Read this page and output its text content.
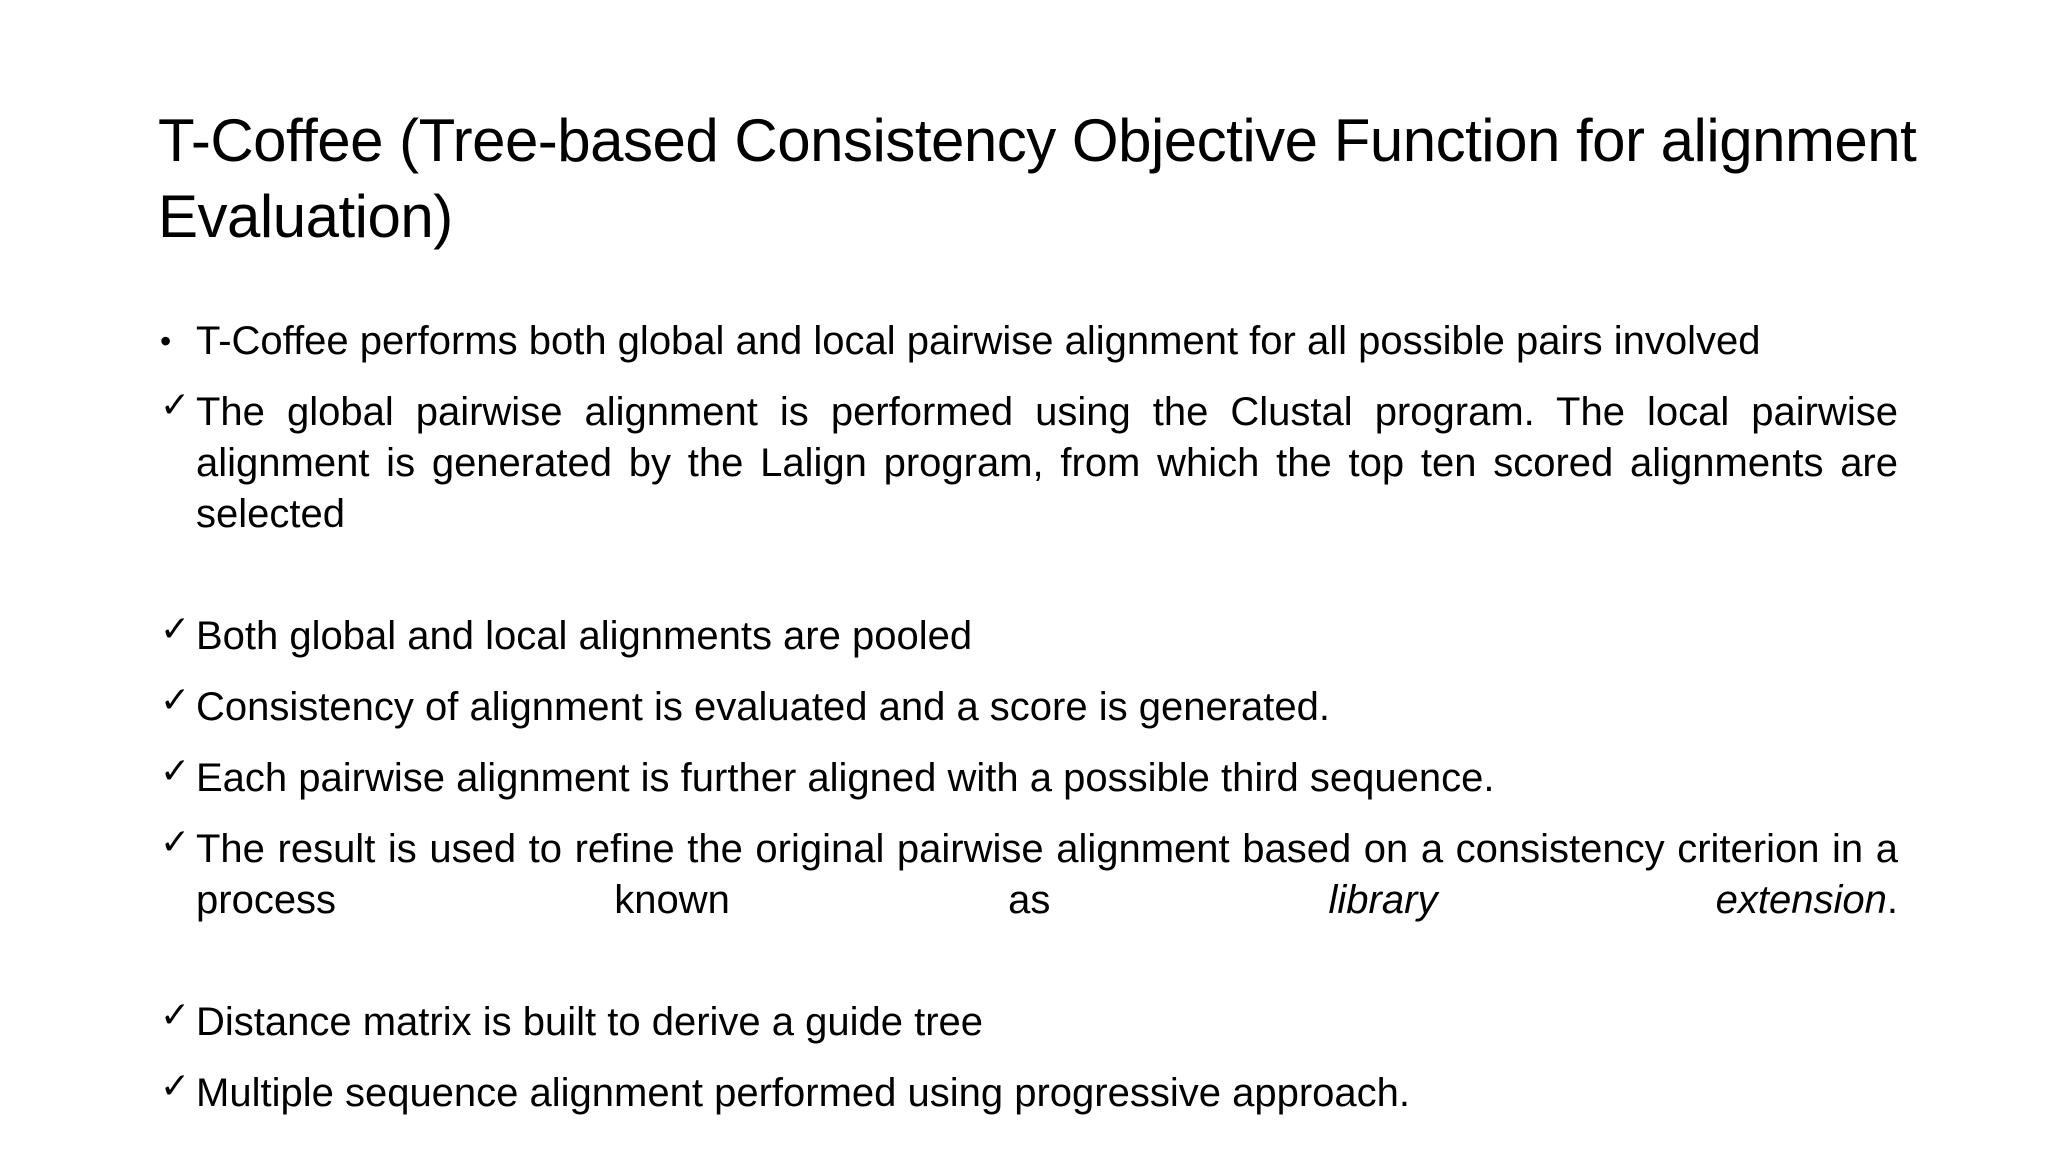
T-Coffee (Tree-based Consistency Objective Function for alignment Evaluation)
• T-Coffee performs both global and local pairwise alignment for all possible pairs involved
✓ The global pairwise alignment is performed using the Clustal program. The local pairwise alignment is generated by the Lalign program, from which the top ten scored alignments are selected
✓ Both global and local alignments are pooled
✓ Consistency of alignment is evaluated and a score is generated.
✓ Each pairwise alignment is further aligned with a possible third sequence.
✓ The result is used to refine the original pairwise alignment based on a consistency criterion in a process known as library extension.
✓ Distance matrix is built to derive a guide tree
✓ Multiple sequence alignment performed using progressive approach.
